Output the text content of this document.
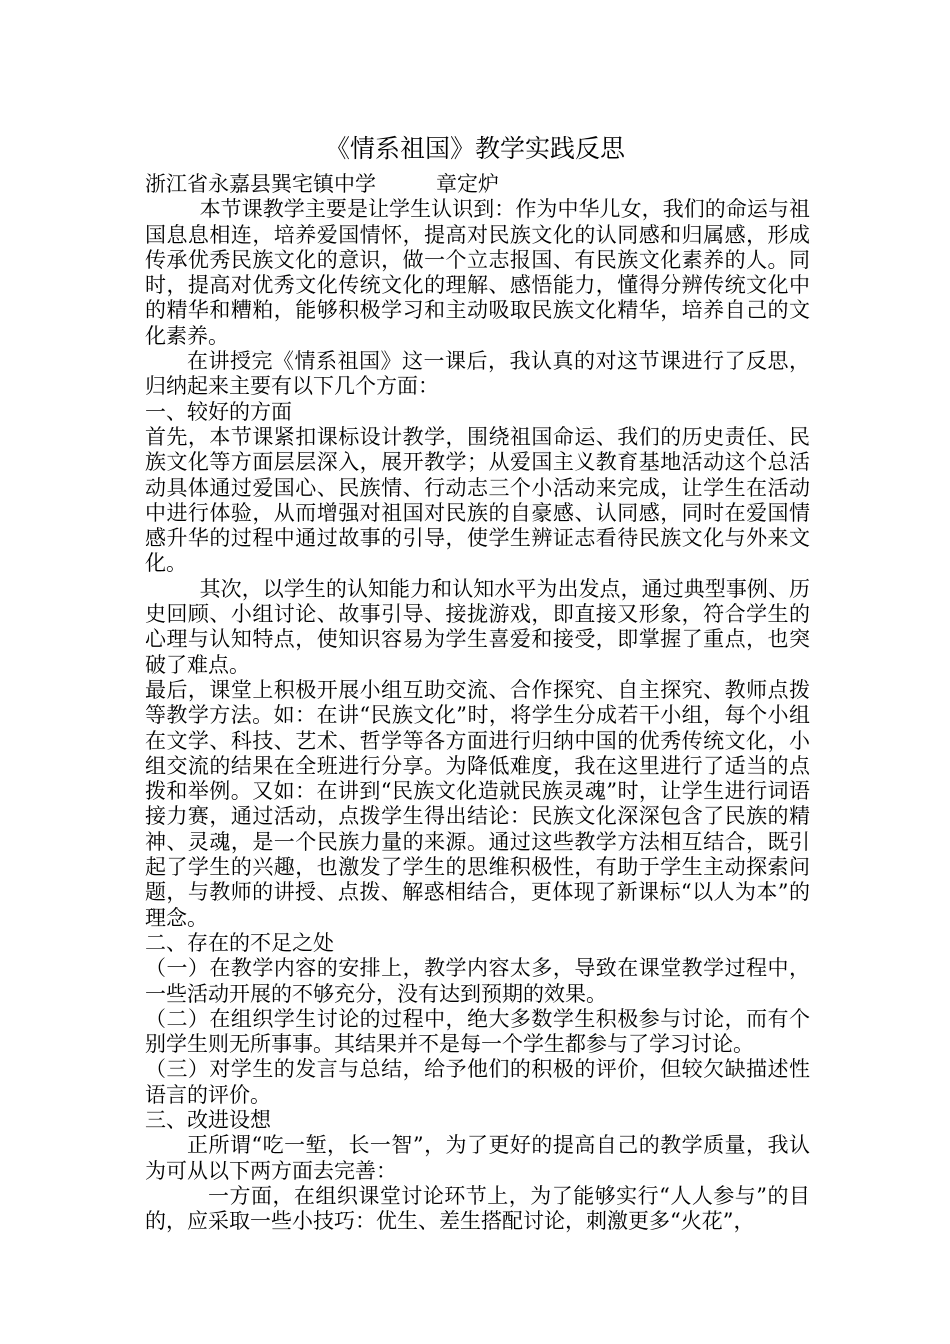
《情系祖国》教学实践反思

浙江省永嘉县巽宅镇中学	章定炉

本节课教学主要是让学生认识到：作为中华儿女，我们的命运与祖国息息相连，培养爱国情怀，提高对民族文化的认同感和归属感，形成传承优秀民族文化的意识，做一个立志报国、有民族文化素养的人。同时，提高对优秀文化传统文化的理解、感悟能力，懂得分辨传统文化中的精华和糟粕，能够积极学习和主动吸取民族文化精华，培养自己的文化素养。

在讲授完《情系祖国》这一课后，我认真的对这节课进行了反思，归纳起来主要有以下几个方面：

一、较好的方面

首先，本节课紧扣课标设计教学，围绕祖国命运、我们的历史责任、民族文化等方面层层深入，展开教学；从爱国主义教育基地活动这个总活动具体通过爱国心、民族情、行动志三个小活动来完成，让学生在活动中进行体验，从而增强对祖国对民族的自豪感、认同感，同时在爱国情感升华的过程中通过故事的引导，使学生辨证志看待民族文化与外来文化。

其次，以学生的认知能力和认知水平为出发点，通过典型事例、历史回顾、小组讨论、故事引导、接拢游戏，即直接又形象，符合学生的心理与认知特点，使知识容易为学生喜爱和接受，即掌握了重点，也突破了难点。

最后，课堂上积极开展小组互助交流、合作探究、自主探究、教师点拨等教学方法。如：在讲“民族文化”时，将学生分成若干小组，每个小组在文学、科技、艺术、哲学等各方面进行归纳中国的优秀传统文化，小组交流的结果在全班进行分享。为降低难度，我在这里进行了适当的点拨和举例。又如：在讲到“民族文化造就民族灵魂”时，让学生进行词语接力赛，通过活动，点拨学生得出结论：民族文化深深包含了民族的精神、灵魂，是一个民族力量的来源。通过这些教学方法相互结合，既引起了学生的兴趣，也激发了学生的思维积极性，有助于学生主动探索问题，与教师的讲授、点拨、解惑相结合，更体现了新课标“以人为本”的理念。

二、存在的不足之处

（一）在教学内容的安排上，教学内容太多，导致在课堂教学过程中，一些活动开展的不够充分，没有达到预期的效果。

（二）在组织学生讨论的过程中，绝大多数学生积极参与讨论，而有个别学生则无所事事。其结果并不是每一个学生都参与了学习讨论。

（三）对学生的发言与总结，给予他们的积极的评价，但较欠缺描述性语言的评价。

三、改进设想

正所谓“吃一堑，长一智”，为了更好的提高自己的教学质量，我认为可从以下两方面去完善：

一方面，在组织课堂讨论环节上，为了能够实行“人人参与”的目的，应采取一些小技巧：优生、差生搭配讨论，刺激更多“火花”，
